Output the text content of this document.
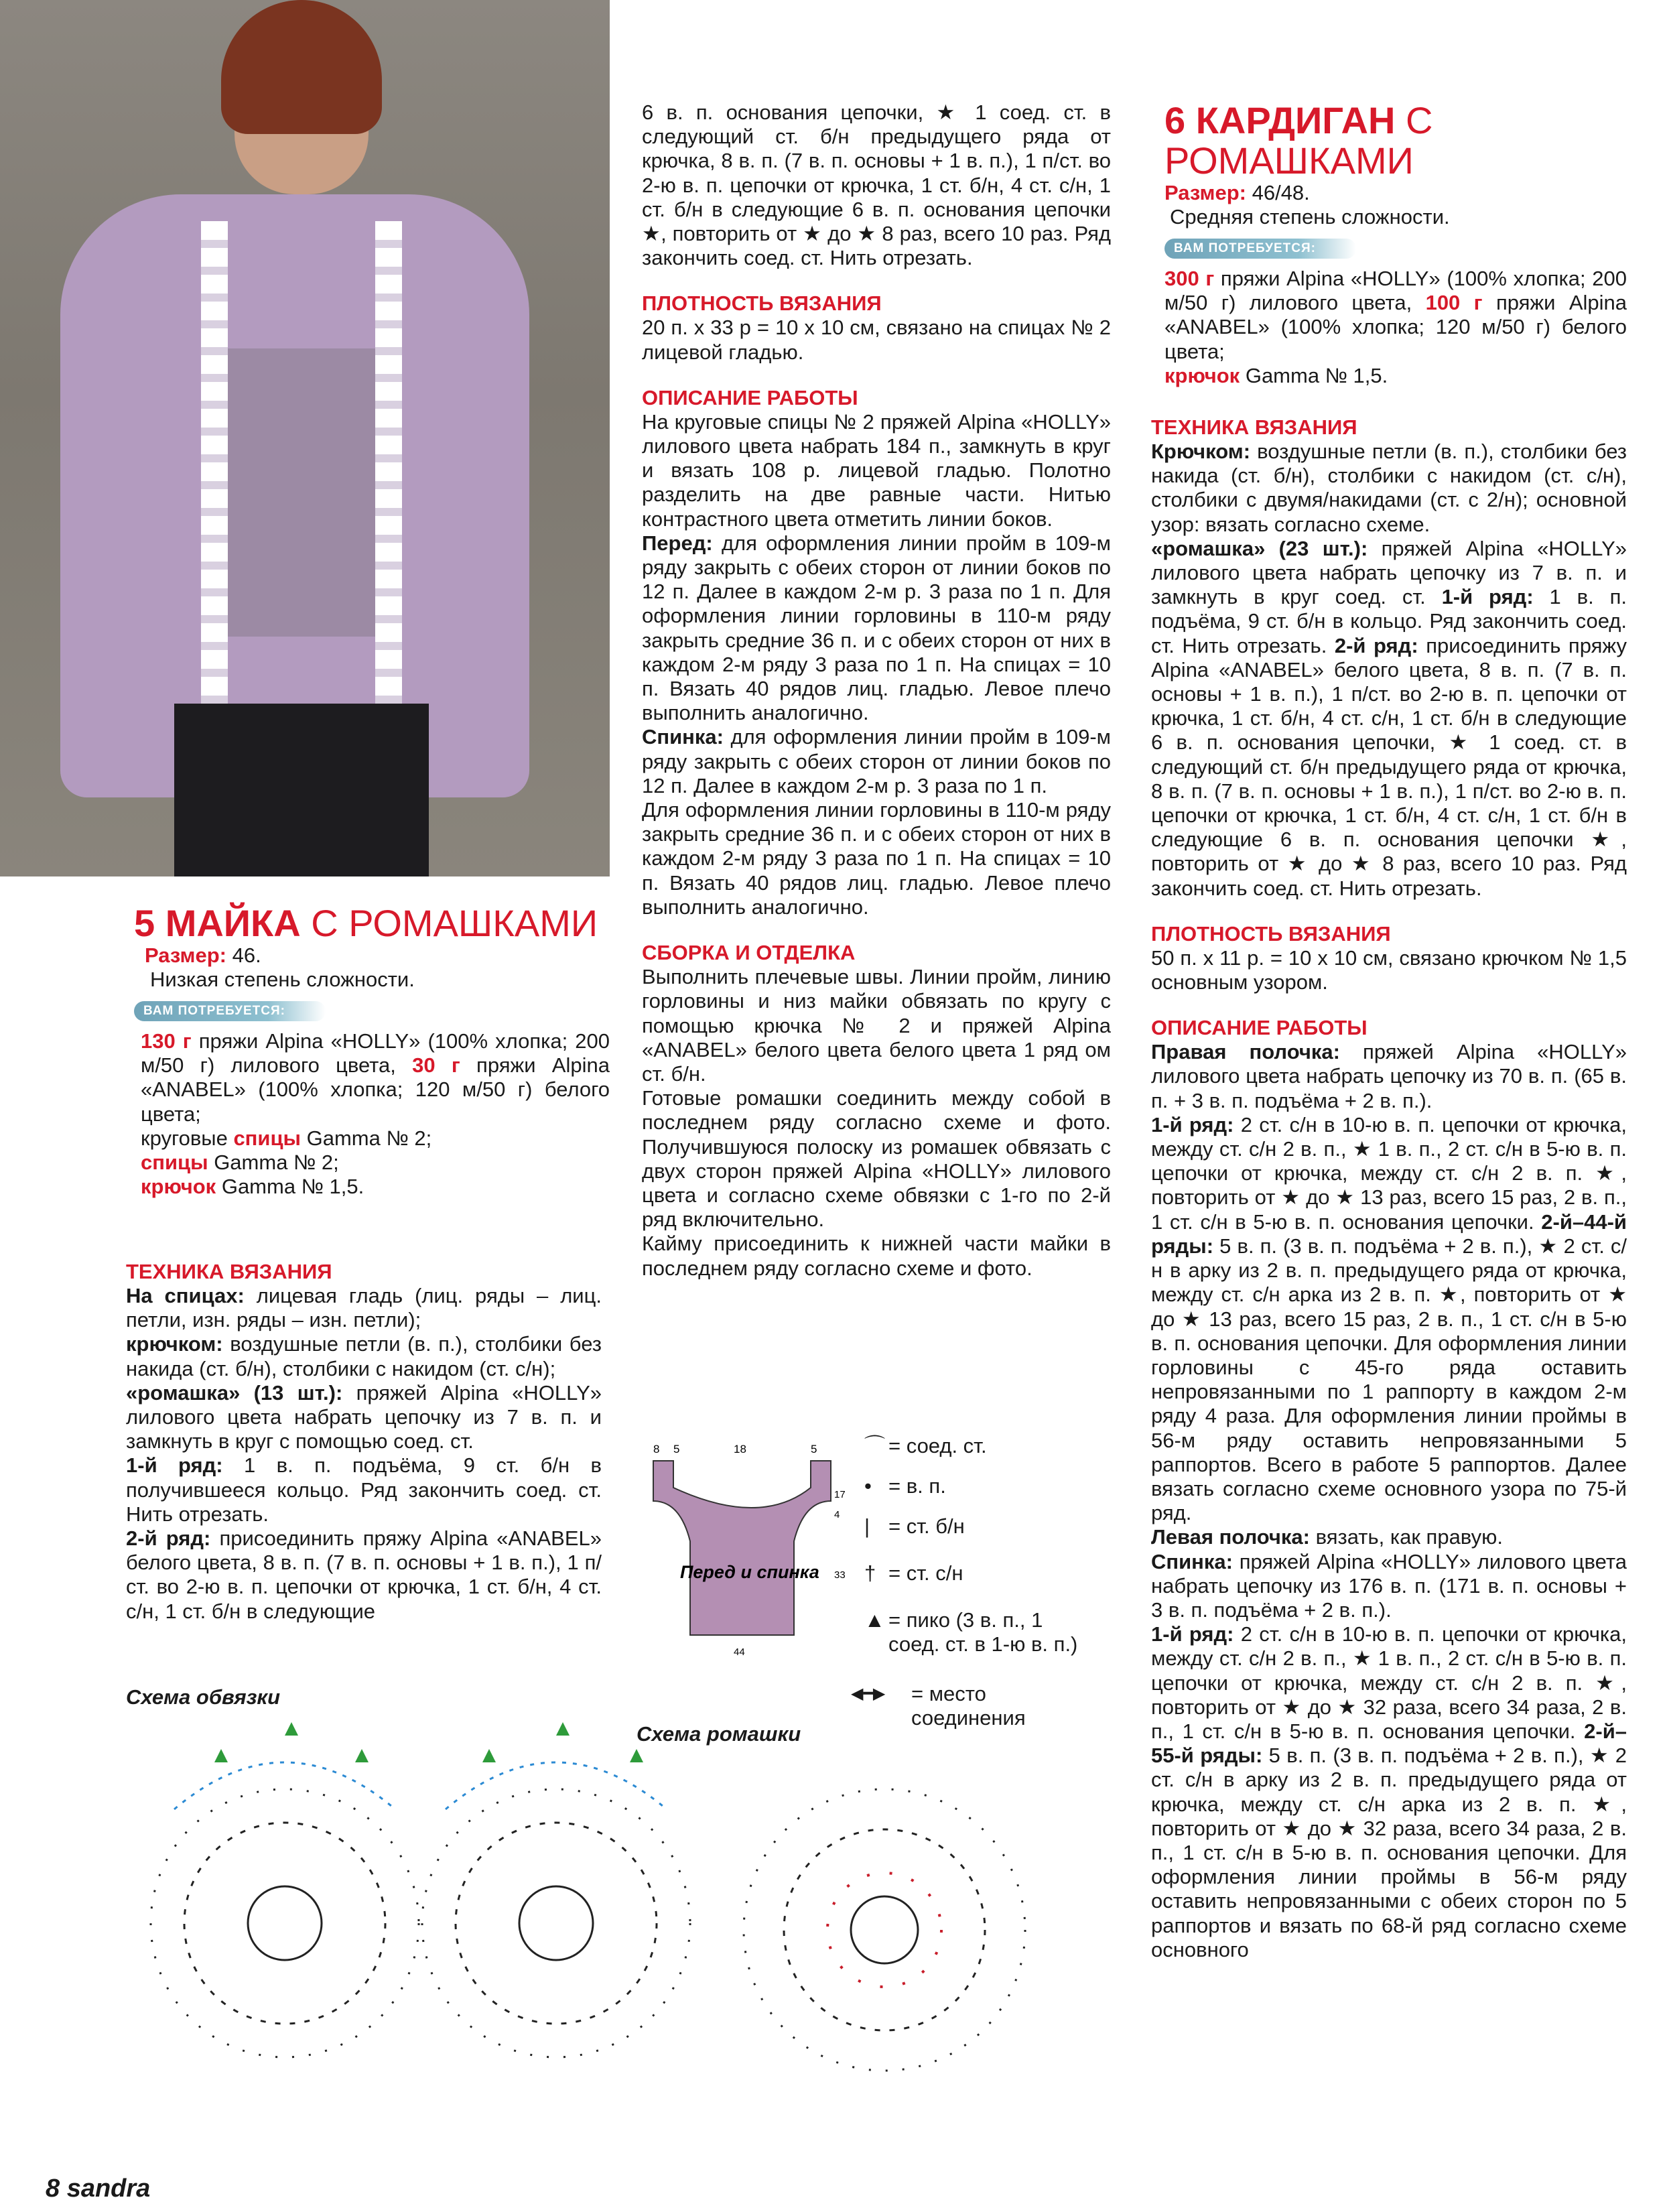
6 в. п. основания цепочки, ★ 1 соед. ст. в следующий ст. б/н предыдущего ряда от крючка, 8 в. п. (7 в. п. основы + 1 в. п.), 1 п/ст. во 2-ю в. п. цепочки от крючка, 1 ст. б/н, 4 ст. с/н, 1 ст. б/н в следующие 6 в. п. основания цепочки ★, повторить от ★ до ★ 8 раз, всего 10 раз. Ряд закончить соед. ст. Нить отрезать.

ПЛОТНОСТЬ ВЯЗАНИЯ

20 п. х 33 р = 10 х 10 см, связано на спицах № 2 лицевой гладью.

ОПИСАНИЕ РАБОТЫ

На круговые спицы № 2 пряжей Alpina «HOLLY» лилового цвета набрать 184 п., замкнуть в круг и вязать 108 р. лицевой гладью. Полотно разделить на две равные части. Нитью контрастного цвета отметить линии боков.

Перед: для оформления линии пройм в 109-м ряду закрыть с обеих сторон от линии боков по 12 п. Далее в каждом 2-м р. 3 раза по 1 п. Для оформления линии горловины в 110-м ряду закрыть средние 36 п. и с обеих сторон от них в каждом 2-м ряду 3 раза по 1 п. На спицах = 10 п. Вязать 40 рядов лиц. гладью. Левое плечо выполнить аналогично.

Спинка: для оформления линии пройм в 109-м ряду закрыть с обеих сторон от линии боков по 12 п. Далее в каждом 2-м р. 3 раза по 1 п.

Для оформления линии горловины в 110-м ряду закрыть средние 36 п. и с обеих сторон от них в каждом 2-м ряду 3 раза по 1 п. На спицах = 10 п. Вязать 40 рядов лиц. гладью. Левое плечо выполнить аналогично.

СБОРКА И ОТДЕЛКА

Выполнить плечевые швы. Линии пройм, линию горловины и низ майки обвязать по кругу с помощью крючка № 2 и пряжей Alpina «ANABEL» белого цвета белого цвета 1 ряд ом ст. б/н.

Готовые ромашки соединить между собой в последнем ряду согласно схеме и фото. Получившуюся полоску из ромашек обвязать с двух сторон пряжей Alpina «HOLLY» лилового цвета и согласно схеме обвязки с 1-го по 2-й ряд включительно.

Кайму присоединить к нижней части майки в последнем ряду согласно схеме и фото.

5 МАЙКА С РОМАШКАМИ
Размер: 46.
Низкая степень сложности.
ВАМ ПОТРЕБУЕТСЯ:

130 г пряжи Alpina «HOLLY» (100% хлопка; 200 м/50 г) лилового цвета, 30 г пряжи Alpina «ANABEL» (100% хлопка; 120 м/50 г) белого цвета;

круговые спицы Gamma № 2;

спицы Gamma № 2;

крючок Gamma № 1,5.

ТЕХНИКА ВЯЗАНИЯ

На спицах: лицевая гладь (лиц. ряды – лиц. петли, изн. ряды – изн. петли);

крючком: воздушные петли (в. п.), столбики без накида (ст. б/н), столбики с накидом (ст. с/н);

«ромашка» (13 шт.): пряжей Alpina «HOLLY» лилового цвета набрать цепочку из 7 в. п. и замкнуть в круг с помощью соед. ст.

1-й ряд: 1 в. п. подъёма, 9 ст. б/н в получившееся кольцо. Ряд закончить соед. ст. Нить отрезать.

2-й ряд: присоединить пряжу Alpina «ANABEL» белого цвета, 8 в. п. (7 в. п. основы + 1 в. п.), 1 п/ст. во 2-ю в. п. цепочки от крючка, 1 ст. б/н, 4 ст. с/н, 1 ст. б/н в следующие

6 КАРДИГАН С РОМАШКАМИ
Размер: 46/48.
Средняя степень сложности.
ВАМ ПОТРЕБУЕТСЯ:

300 г пряжи Alpina «HOLLY» (100% хлопка; 200 м/50 г) лилового цвета, 100 г пряжи Alpina «ANABEL» (100% хлопка; 120 м/50 г) белого цвета;

крючок Gamma № 1,5.

ТЕХНИКА ВЯЗАНИЯ

Крючком: воздушные петли (в. п.), столбики без накида (ст. б/н), столбики с накидом (ст. с/н), столбики с двумя/накидами (ст. с 2/н); основной узор: вязать согласно схеме.

«ромашка» (23 шт.): пряжей Alpina «HOLLY» лилового цвета набрать цепочку из 7 в. п. и замкнуть в круг соед. ст. 1-й ряд: 1 в. п. подъёма, 9 ст. б/н в кольцо. Ряд закончить соед. ст. Нить отрезать. 2-й ряд: присоединить пряжу Alpina «ANABEL» белого цвета, 8 в. п. (7 в. п. основы + 1 в. п.), 1 п/ст. во 2-ю в. п. цепочки от крючка, 1 ст. б/н, 4 ст. с/н, 1 ст. б/н в следующие 6 в. п. основания цепочки, ★ 1 соед. ст. в следующий ст. б/н предыдущего ряда от крючка, 8 в. п. (7 в. п. основы + 1 в. п.), 1 п/ст. во 2-ю в. п. цепочки от крючка, 1 ст. б/н, 4 ст. с/н, 1 ст. б/н в следующие 6 в. п. основания цепочки ★, повторить от ★ до ★ 8 раз, всего 10 раз. Ряд закончить соед. ст. Нить отрезать.

ПЛОТНОСТЬ ВЯЗАНИЯ

50 п. х 11 р. = 10 х 10 см, связано крючком № 1,5 основным узором.

ОПИСАНИЕ РАБОТЫ

Правая полочка: пряжей Alpina «HOLLY» лилового цвета набрать цепочку из 70 в. п. (65 в. п. + 3 в. п. подъёма + 2 в. п.).

1-й ряд: 2 ст. с/н в 10-ю в. п. цепочки от крючка, между ст. с/н 2 в. п., ★ 1 в. п., 2 ст. с/н в 5-ю в. п. цепочки от крючка, между ст. с/н 2 в. п. ★, повторить от ★ до ★ 13 раз, всего 15 раз, 2 в. п., 1 ст. с/н в 5-ю в. п. основания цепочки. 2-й–44-й ряды: 5 в. п. (3 в. п. подъёма + 2 в. п.), ★ 2 ст. с/н в арку из 2 в. п. предыдущего ряда от крючка, между ст. с/н арка из 2 в. п. ★, повторить от ★ до ★ 13 раз, всего 15 раз, 2 в. п., 1 ст. с/н в 5-ю в. п. основания цепочки. Для оформления линии горловины с 45-го ряда оставить непровязанными по 1 раппорту в каждом 2-м ряду 4 раза. Для оформления линии проймы в 56-м ряду оставить непровязанными 5 раппортов. Всего в работе 5 раппортов. Далее вязать согласно схеме основного узора по 75-й ряд.

Левая полочка: вязать, как правую.

Спинка: пряжей Alpina «HOLLY» лилового цвета набрать цепочку из 176 в. п. (171 в. п. основы + 3 в. п. подъёма + 2 в. п.).

1-й ряд: 2 ст. с/н в 10-ю в. п. цепочки от крючка, между ст. с/н 2 в. п., ★ 1 в. п., 2 ст. с/н в 5-ю в. п. цепочки от крючка, между ст. с/н 2 в. п. ★, повторить от ★ до ★ 32 раза, всего 34 раза, 2 в. п., 1 ст. с/н в 5-ю в. п. основания цепочки. 2-й–55-й ряды: 5 в. п. (3 в. п. подъёма + 2 в. п.), ★ 2 ст. с/н в арку из 2 в. п. предыдущего ряда от крючка, между ст. с/н арка из 2 в. п. ★, повторить от ★ до ★ 32 раза, всего 34 раза, 2 в. п., 1 ст. с/н в 5-ю в. п. основания цепочки. Для оформления линии проймы в 56-м ряду оставить непровязанными с обеих сторон по 5 раппортов и вязать по 68-й ряд согласно схеме основного

8 5	18	5
17
4
33
44
Перед и спинка
⌒ = соед. ст.
• = в. п.
| = ст. б/н
† = ст. с/н
▲ = пико (3 в. п., 1 соед. ст. в 1-ю в. п.)
◀━▶ = место соединения
Схема обвязки
Схема ромашки
8 sandra
